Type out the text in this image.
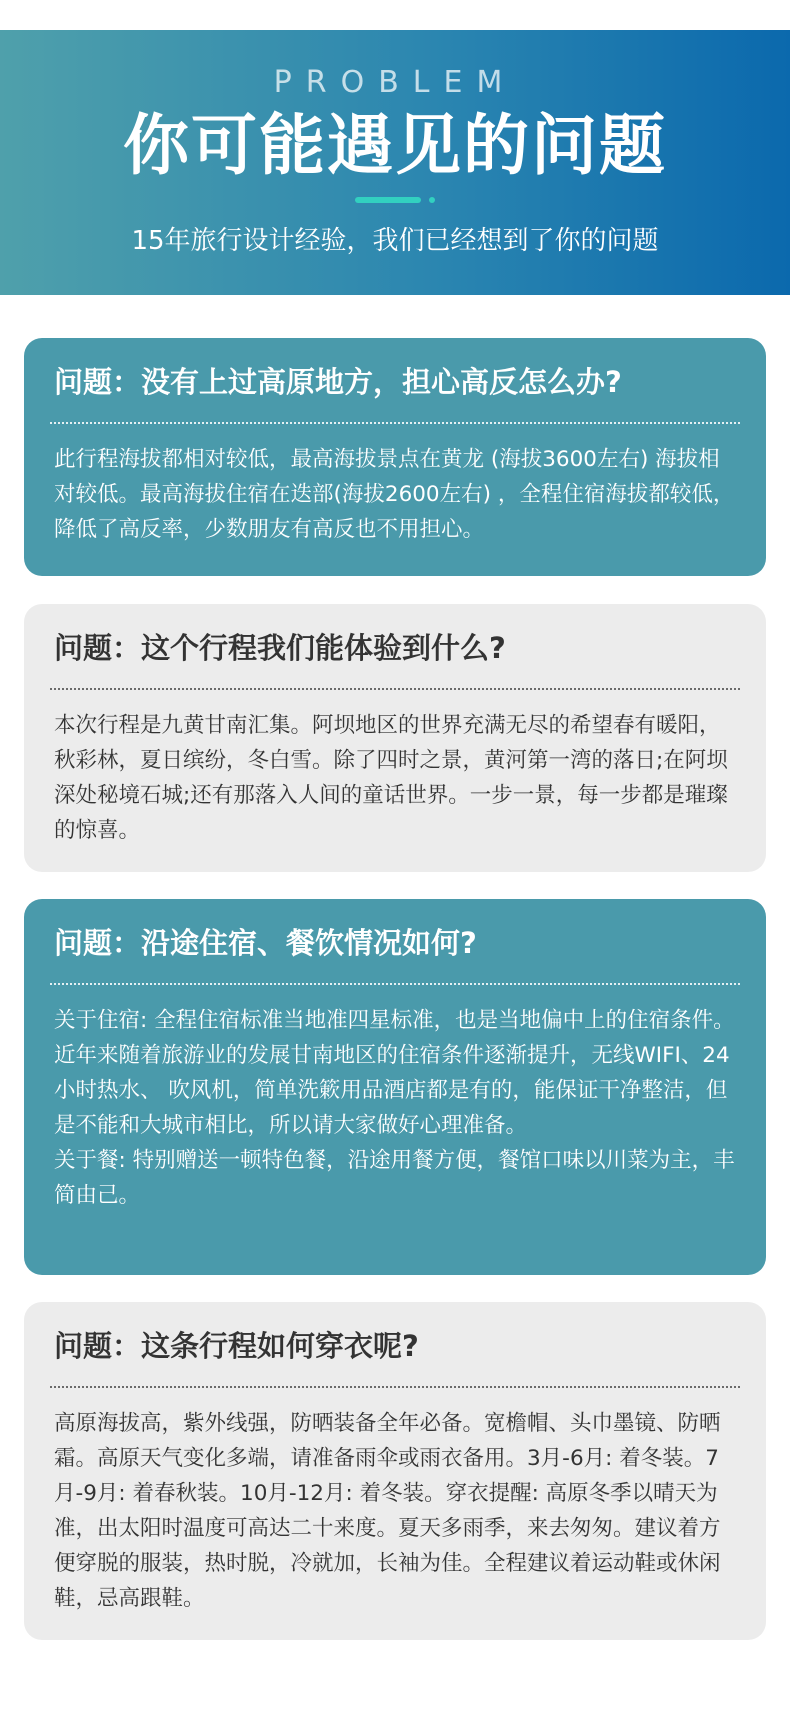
PROBLEM
你可能遇见的问题
15年旅行设计经验，我们已经想到了你的问题
问题：没有上过高原地方，担心高反怎么办?

此行程海拔都相对较低，最高海拔景点在黄龙 (海拔3600左右) 海拔相对较低。最高海拔住宿在迭部(海拔2600左右) ，全程住宿海拔都较低，降低了高反率，少数朋友有高反也不用担心。

问题：这个行程我们能体验到什么?

本次行程是九黄甘南汇集。阿坝地区的世界充满无尽的希望春有暖阳，秋彩林，夏日缤纷，冬白雪。除了四时之景，黄河第一湾的落日;在阿坝深处秘境石城;还有那落入人间的童话世界。一步一景，每一步都是璀璨的惊喜。

问题：沿途住宿、餐饮情况如何?

关于住宿: 全程住宿标准当地准四星标准，也是当地偏中上的住宿条件。近年来随着旅游业的发展甘南地区的住宿条件逐渐提升，无线WIFI、24小时热水、 吹风机，简单洗簌用品酒店都是有的，能保证干净整洁，但是不能和大城市相比，所以请大家做好心理准备。

关于餐: 特别赠送一顿特色餐，沿途用餐方便，餐馆口味以川菜为主，丰简由己。

问题：这条行程如何穿衣呢?

高原海拔高，紫外线强，防晒装备全年必备。宽檐帽、头巾墨镜、防晒霜。高原天气变化多端，请准备雨伞或雨衣备用。3月-6月: 着冬装。7月-9月: 着春秋装。10月-12月: 着冬装。穿衣提醒: 高原冬季以晴天为准，出太阳时温度可高达二十来度。夏天多雨季，来去匆匆。建议着方便穿脱的服装，热时脱，冷就加，长袖为佳。全程建议着运动鞋或休闲鞋，忌高跟鞋。
